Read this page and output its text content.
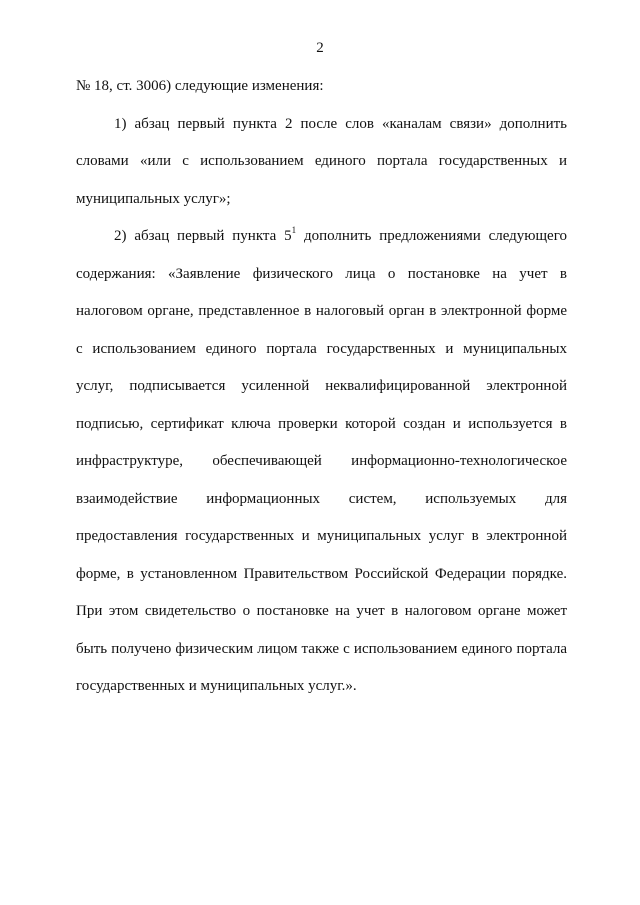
2

№ 18, ст. 3006) следующие изменения:

1) абзац первый пункта 2 после слов «каналам связи» дополнить словами «или с использованием единого портала государственных и муниципальных услуг»;

2) абзац первый пункта $5^1$ дополнить предложениями следующего содержания: «Заявление физического лица о постановке на учет в налоговом органе, представленное в налоговый орган в электронной форме с использованием единого портала государственных и муниципальных услуг, подписывается усиленной неквалифицированной электронной подписью, сертификат ключа проверки которой создан и используется в инфраструктуре, обеспечивающей информационно-технологическое взаимодействие информационных систем, используемых для предоставления государственных и муниципальных услуг в электронной форме, в установленном Правительством Российской Федерации порядке. При этом свидетельство о постановке на учет в налоговом органе может быть получено физическим лицом также с использованием единого портала государственных и муниципальных услуг.».
